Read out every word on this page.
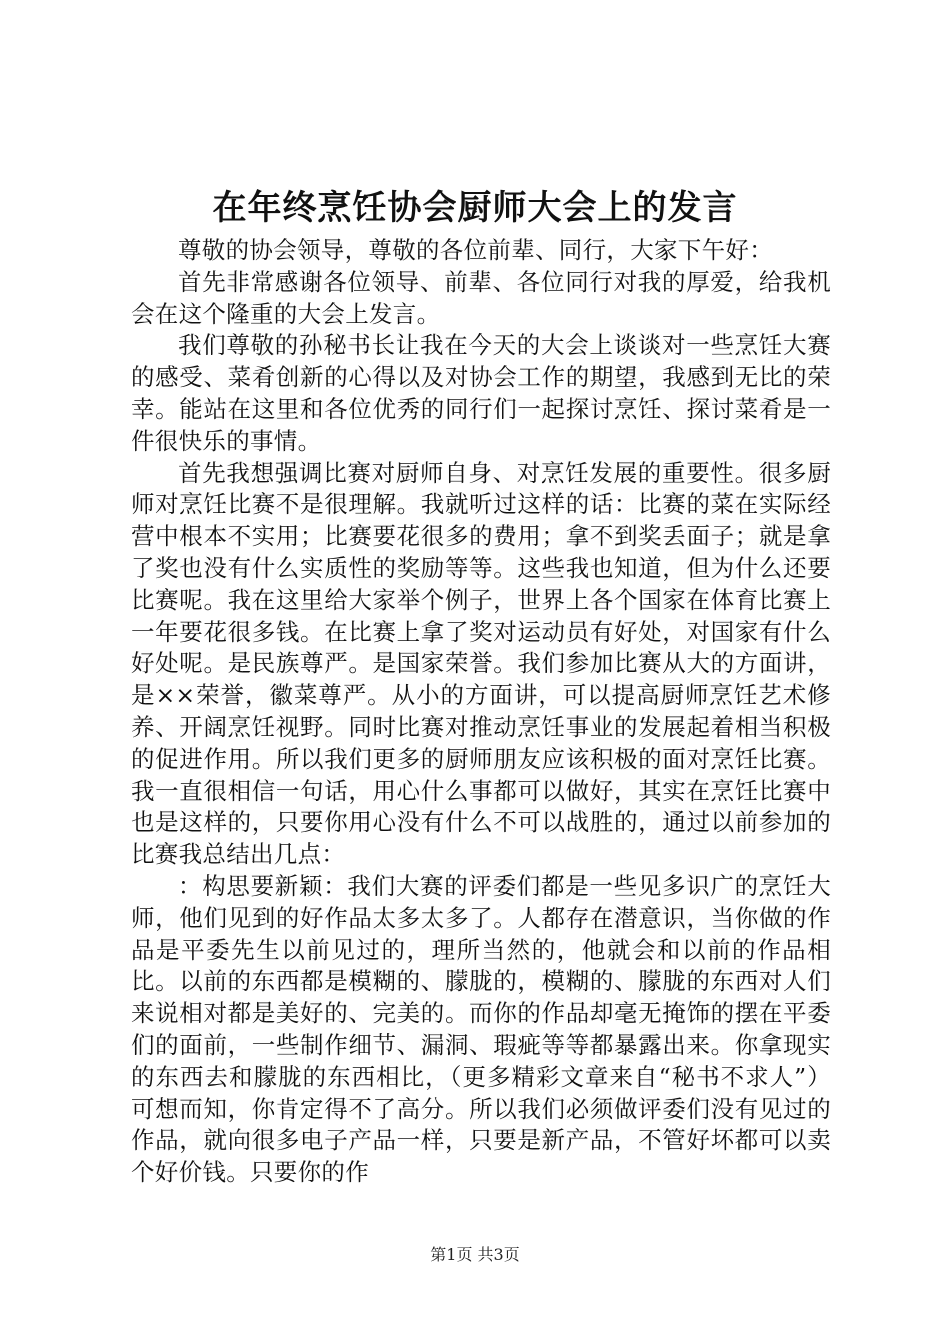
在年终烹饪协会厨师大会上的发言

尊敬的协会领导，尊敬的各位前辈、同行，大家下午好：

首先非常感谢各位领导、前辈、各位同行对我的厚爱，给我机会在这个隆重的大会上发言。

我们尊敬的孙秘书长让我在今天的大会上谈谈对一些烹饪大赛的感受、菜肴创新的心得以及对协会工作的期望，我感到无比的荣幸。能站在这里和各位优秀的同行们一起探讨烹饪、探讨菜肴是一件很快乐的事情。

首先我想强调比赛对厨师自身、对烹饪发展的重要性。很多厨师对烹饪比赛不是很理解。我就听过这样的话：比赛的菜在实际经营中根本不实用；比赛要花很多的费用；拿不到奖丢面子；就是拿了奖也没有什么实质性的奖励等等。这些我也知道，但为什么还要比赛呢。我在这里给大家举个例子，世界上各个国家在体育比赛上一年要花很多钱。在比赛上拿了奖对运动员有好处，对国家有什么好处呢。是民族尊严。是国家荣誉。我们参加比赛从大的方面讲，是××荣誉，徽菜尊严。从小的方面讲，可以提高厨师烹饪艺术修养、开阔烹饪视野。同时比赛对推动烹饪事业的发展起着相当积极的促进作用。所以我们更多的厨师朋友应该积极的面对烹饪比赛。我一直很相信一句话，用心什么事都可以做好，其实在烹饪比赛中也是这样的，只要你用心没有什么不可以战胜的，通过以前参加的比赛我总结出几点：

：构思要新颖：我们大赛的评委们都是一些见多识广的烹饪大师，他们见到的好作品太多太多了。人都存在潜意识，当你做的作品是平委先生以前见过的，理所当然的，他就会和以前的作品相比。以前的东西都是模糊的、朦胧的，模糊的、朦胧的东西对人们来说相对都是美好的、完美的。而你的作品却毫无掩饰的摆在平委们的面前，一些制作细节、漏洞、瑕疵等等都暴露出来。你拿现实的东西去和朦胧的东西相比，（更多精彩文章来自“秘书不求人”）可想而知，你肯定得不了高分。所以我们必须做评委们没有见过的作品，就向很多电子产品一样，只要是新产品，不管好坏都可以卖个好价钱。只要你的作

第1页 共3页
